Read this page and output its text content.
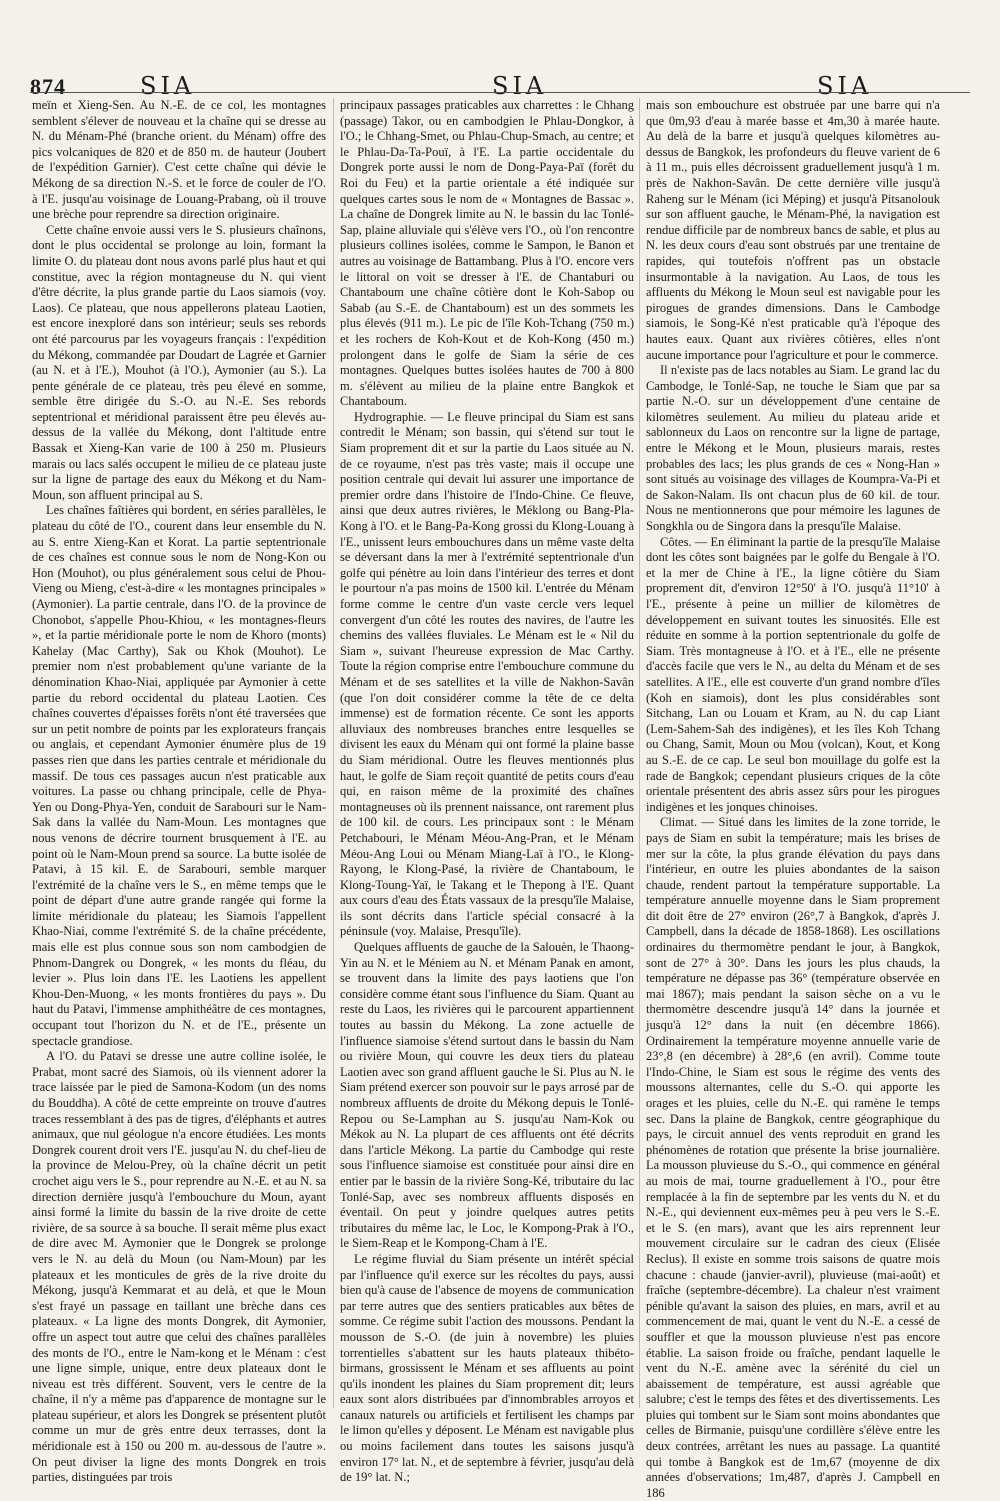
874	SIA	SIA	SIA

meïn et Xieng-Sen. Au N.-E. de ce col, les montagnes semblent s'élever de nouveau et la chaîne qui se dresse au N. du Ménam-Phé (branche orient. du Ménam) offre des pics volcaniques de 820 et de 850 m. de hauteur (Joubert de l'expédition Garnier). C'est cette chaîne qui dévie le Mékong de sa direction N.-S. et le force de couler de l'O. à l'E. jusqu'au voisinage de Louang-Prabang, où il trouve une brèche pour reprendre sa direction originaire.

Cette chaîne envoie aussi vers le S. plusieurs chaînons, dont le plus occidental se prolonge au loin, formant la limite O. du plateau dont nous avons parlé plus haut et qui constitue, avec la région montagneuse du N. qui vient d'être décrite, la plus grande partie du Laos siamois (voy. Laos). Ce plateau, que nous appellerons plateau Laotien, est encore inexploré dans son intérieur; seuls ses rebords ont été parcourus par les voyageurs français : l'expédition du Mékong, commandée par Doudart de Lagrée et Garnier (au N. et à l'E.), Mouhot (à l'O.), Aymonier (au S.). La pente générale de ce plateau, très peu élevé en somme, semble être dirigée du S.-O. au N.-E. Ses rebords septentrional et méridional paraissent être peu élevés au-dessus de la vallée du Mékong, dont l'altitude entre Bassak et Xieng-Kan varie de 100 à 250 m. Plusieurs marais ou lacs salés occupent le milieu de ce plateau juste sur la ligne de partage des eaux du Mékong et du Nam-Moun, son affluent principal au S.

Les chaînes faîtières qui bordent, en séries parallèles, le plateau du côté de l'O., courent dans leur ensemble du N. au S. entre Xieng-Kan et Korat. La partie septentrionale de ces chaînes est connue sous le nom de Nong-Kon ou Hon (Mouhot), ou plus généralement sous celui de Phou-Vieng ou Mieng, c'est-à-dire « les montagnes principales » (Aymonier). La partie centrale, dans l'O. de la province de Chonobot, s'appelle Phou-Khiou, « les montagnes-fleurs », et la partie méridionale porte le nom de Khoro (monts) Kahelay (Mac Carthy), Sak ou Khok (Mouhot). Le premier nom n'est probablement qu'une variante de la dénomination Khao-Niai, appliquée par Aymonier à cette partie du rebord occidental du plateau Laotien. Ces chaînes couvertes d'épaisses forêts n'ont été traversées que sur un petit nombre de points par les explorateurs français ou anglais, et cependant Aymonier énumère plus de 19 passes rien que dans les parties centrale et méridionale du massif. De tous ces passages aucun n'est praticable aux voitures. La passe ou chhang principale, celle de Phya-Yen ou Dong-Phya-Yen, conduit de Sarabouri sur le Nam-Sak dans la vallée du Nam-Moun. Les montagnes que nous venons de décrire tournent brusquement à l'E. au point où le Nam-Moun prend sa source. La butte isolée de Patavi, à 15 kil. E. de Sarabouri, semble marquer l'extrémité de la chaîne vers le S., en même temps que le point de départ d'une autre grande rangée qui forme la limite méridionale du plateau; les Siamois l'appellent Khao-Niai, comme l'extrémité S. de la chaîne précédente, mais elle est plus connue sous son nom cambodgien de Phnom-Dangrek ou Dongrek, « les monts du fléau, du levier ». Plus loin dans l'E. les Laotiens les appellent Khou-Den-Muong, « les monts frontières du pays ». Du haut du Patavi, l'immense amphithéâtre de ces montagnes, occupant tout l'horizon du N. et de l'E., présente un spectacle grandiose.

A l'O. du Patavi se dresse une autre colline isolée, le Prabat, mont sacré des Siamois, où ils viennent adorer la trace laissée par le pied de Samona-Kodom (un des noms du Bouddha). A côté de cette empreinte on trouve d'autres traces ressemblant à des pas de tigres, d'éléphants et autres animaux, que nul géologue n'a encore étudiées. Les monts Dongrek courent droit vers l'E. jusqu'au N. du chef-lieu de la province de Melou-Prey, où la chaîne décrit un petit crochet aigu vers le S., pour reprendre au N.-E. et au N. sa direction dernière jusqu'à l'embouchure du Moun, ayant ainsi formé la limite du bassin de la rive droite de cette rivière, de sa source à sa bouche. Il serait même plus exact de dire avec M. Aymonier que le Dongrek se prolonge vers le N. au delà du Moun (ou Nam-Moun) par les plateaux et les monticules de grès de la rive droite du Mékong, jusqu'à Kemmarat et au delà, et que le Moun s'est frayé un passage en taillant une brèche dans ces plateaux. « La ligne des monts Dongrek, dit Aymonier, offre un aspect tout autre que celui des chaînes parallèles des monts de l'O., entre le Nam-kong et le Ménam : c'est une ligne simple, unique, entre deux plateaux dont le niveau est très différent. Souvent, vers le centre de la chaîne, il n'y a même pas d'apparence de montagne sur le plateau supérieur, et alors les Dongrek se présentent plutôt comme un mur de grès entre deux terrasses, dont la méridionale est à 150 ou 200 m. au-dessous de l'autre ». On peut diviser la ligne des monts Dongrek en trois parties, distinguées par trois

principaux passages praticables aux charrettes : le Chhang (passage) Takor, ou en cambodgien le Phlau-Dongkor, à l'O.; le Chhang-Smet, ou Phlau-Chup-Smach, au centre; et le Phlau-Da-Ta-Pouï, à l'E. La partie occidentale du Dongrek porte aussi le nom de Dong-Paya-Paï (forêt du Roi du Feu) et la partie orientale a été indiquée sur quelques cartes sous le nom de « Montagnes de Bassac ». La chaîne de Dongrek limite au N. le bassin du lac Tonlé-Sap, plaine alluviale qui s'élève vers l'O., où l'on rencontre plusieurs collines isolées, comme le Sampon, le Banon et autres au voisinage de Battambang. Plus à l'O. encore vers le littoral on voit se dresser à l'E. de Chantaburi ou Chantaboum une chaîne côtière dont le Koh-Sabop ou Sabab (au S.-E. de Chantaboum) est un des sommets les plus élevés (911 m.). Le pic de l'île Koh-Tchang (750 m.) et les rochers de Koh-Kout et de Koh-Kong (450 m.) prolongent dans le golfe de Siam la série de ces montagnes. Quelques buttes isolées hautes de 700 à 800 m. s'élèvent au milieu de la plaine entre Bangkok et Chantaboum.

Hydrographie. — Le fleuve principal du Siam est sans contredit le Ménam; son bassin, qui s'étend sur tout le Siam proprement dit et sur la partie du Laos située au N. de ce royaume, n'est pas très vaste; mais il occupe une position centrale qui devait lui assurer une importance de premier ordre dans l'histoire de l'Indo-Chine. Ce fleuve, ainsi que deux autres rivières, le Méklong ou Bang-Pla-Kong à l'O. et le Bang-Pa-Kong grossi du Klong-Louang à l'E., unissent leurs embouchures dans un même vaste delta se déversant dans la mer à l'extrémité septentrionale d'un golfe qui pénètre au loin dans l'intérieur des terres et dont le pourtour n'a pas moins de 1500 kil. L'entrée du Ménam forme comme le centre d'un vaste cercle vers lequel convergent d'un côté les routes des navires, de l'autre les chemins des vallées fluviales. Le Ménam est le « Nil du Siam », suivant l'heureuse expression de Mac Carthy. Toute la région comprise entre l'embouchure commune du Ménam et de ses satellites et la ville de Nakhon-Savân (que l'on doit considérer comme la tête de ce delta immense) est de formation récente. Ce sont les apports alluviaux des nombreuses branches entre lesquelles se divisent les eaux du Ménam qui ont formé la plaine basse du Siam méridional. Outre les fleuves mentionnés plus haut, le golfe de Siam reçoit quantité de petits cours d'eau qui, en raison même de la proximité des chaînes montagneuses où ils prennent naissance, ont rarement plus de 100 kil. de cours. Les principaux sont : le Ménam Petchabouri, le Ménam Méou-Ang-Pran, et le Ménam Méou-Ang Loui ou Ménam Miang-Laï à l'O., le Klong-Rayong, le Klong-Pasé, la rivière de Chantaboum, le Klong-Toung-Yaï, le Takang et le Thepong à l'E. Quant aux cours d'eau des États vassaux de la presqu'île Malaise, ils sont décrits dans l'article spécial consacré à la péninsule (voy. Malaise, Presqu'île).

Quelques affluents de gauche de la Salouèn, le Thaong-Yin au N. et le Méniem au N. et Ménam Panak en amont, se trouvent dans la limite des pays laotiens que l'on considère comme étant sous l'influence du Siam. Quant au reste du Laos, les rivières qui le parcourent appartiennent toutes au bassin du Mékong. La zone actuelle de l'influence siamoise s'étend surtout dans le bassin du Nam ou rivière Moun, qui couvre les deux tiers du plateau Laotien avec son grand affluent gauche le Si. Plus au N. le Siam prétend exercer son pouvoir sur le pays arrosé par de nombreux affluents de droite du Mékong depuis le Tonlé-Repou ou Se-Lamphan au S. jusqu'au Nam-Kok ou Mékok au N. La plupart de ces affluents ont été décrits dans l'article Mékong. La partie du Cambodge qui reste sous l'influence siamoise est constituée pour ainsi dire en entier par le bassin de la rivière Song-Ké, tributaire du lac Tonlé-Sap, avec ses nombreux affluents disposés en éventail. On peut y joindre quelques autres petits tributaires du même lac, le Loc, le Kompong-Prak à l'O., le Siem-Reap et le Kompong-Cham à l'E.

Le régime fluvial du Siam présente un intérêt spécial par l'influence qu'il exerce sur les récoltes du pays, aussi bien qu'à cause de l'absence de moyens de communication par terre autres que des sentiers praticables aux bêtes de somme. Ce régime subit l'action des moussons. Pendant la mousson de S.-O. (de juin à novembre) les pluies torrentielles s'abattent sur les hauts plateaux thibéto-birmans, grossissent le Ménam et ses affluents au point qu'ils inondent les plaines du Siam proprement dit; leurs eaux sont alors distribuées par d'innombrables arroyos et canaux naturels ou artificiels et fertilisent les champs par le limon qu'elles y déposent. Le Ménam est navigable plus ou moins facilement dans toutes les saisons jusqu'à environ 17° lat. N., et de septembre à février, jusqu'au delà de 19° lat. N.;

mais son embouchure est obstruée par une barre qui n'a que 0m,93 d'eau à marée basse et 4m,30 à marée haute. Au delà de la barre et jusqu'à quelques kilomètres au-dessus de Bangkok, les profondeurs du fleuve varient de 6 à 11 m., puis elles décroissent graduellement jusqu'à 1 m. près de Nakhon-Savân. De cette dernière ville jusqu'à Raheng sur le Ménam (ici Méping) et jusqu'à Pitsanolouk sur son affluent gauche, le Ménam-Phé, la navigation est rendue difficile par de nombreux bancs de sable, et plus au N. les deux cours d'eau sont obstrués par une trentaine de rapides, qui toutefois n'offrent pas un obstacle insurmontable à la navigation. Au Laos, de tous les affluents du Mékong le Moun seul est navigable pour les pirogues de grandes dimensions. Dans le Cambodge siamois, le Song-Ké n'est praticable qu'à l'époque des hautes eaux. Quant aux rivières côtières, elles n'ont aucune importance pour l'agriculture et pour le commerce.

Il n'existe pas de lacs notables au Siam. Le grand lac du Cambodge, le Tonlé-Sap, ne touche le Siam que par sa partie N.-O. sur un développement d'une centaine de kilomètres seulement. Au milieu du plateau aride et sablonneux du Laos on rencontre sur la ligne de partage, entre le Mékong et le Moun, plusieurs marais, restes probables des lacs; les plus grands de ces « Nong-Han » sont situés au voisinage des villages de Koumpra-Va-Pi et de Sakon-Nalam. Ils ont chacun plus de 60 kil. de tour. Nous ne mentionnerons que pour mémoire les lagunes de Songkhla ou de Singora dans la presqu'île Malaise.

Côtes. — En éliminant la partie de la presqu'île Malaise dont les côtes sont baignées par le golfe du Bengale à l'O. et la mer de Chine à l'E., la ligne côtière du Siam proprement dit, d'environ 12°50' à l'O. jusqu'à 11°10' à l'E., présente à peine un millier de kilomètres de développement en suivant toutes les sinuosités. Elle est réduite en somme à la portion septentrionale du golfe de Siam. Très montagneuse à l'O. et à l'E., elle ne présente d'accès facile que vers le N., au delta du Ménam et de ses satellites. A l'E., elle est couverte d'un grand nombre d'îles (Koh en siamois), dont les plus considérables sont Sitchang, Lan ou Louam et Kram, au N. du cap Liant (Lem-Sahem-Sah des indigènes), et les îles Koh Tchang ou Chang, Samit, Moun ou Mou (volcan), Kout, et Kong au S.-E. de ce cap. Le seul bon mouillage du golfe est la rade de Bangkok; cependant plusieurs criques de la côte orientale présentent des abris assez sûrs pour les pirogues indigènes et les jonques chinoises.

Climat. — Situé dans les limites de la zone torride, le pays de Siam en subit la température; mais les brises de mer sur la côte, la plus grande élévation du pays dans l'intérieur, en outre les pluies abondantes de la saison chaude, rendent partout la température supportable. La température annuelle moyenne dans le Siam proprement dit doit être de 27° environ (26°,7 à Bangkok, d'après J. Campbell, dans la décade de 1858-1868). Les oscillations ordinaires du thermomètre pendant le jour, à Bangkok, sont de 27° à 30°. Dans les jours les plus chauds, la température ne dépasse pas 36° (température observée en mai 1867); mais pendant la saison sèche on a vu le thermomètre descendre jusqu'à 14° dans la journée et jusqu'à 12° dans la nuit (en décembre 1866). Ordinairement la température moyenne annuelle varie de 23°,8 (en décembre) à 28°,6 (en avril). Comme toute l'Indo-Chine, le Siam est sous le régime des vents des moussons alternantes, celle du S.-O. qui apporte les orages et les pluies, celle du N.-E. qui ramène le temps sec. Dans la plaine de Bangkok, centre géographique du pays, le circuit annuel des vents reproduit en grand les phénomènes de rotation que présente la brise journalière. La mousson pluvieuse du S.-O., qui commence en général au mois de mai, tourne graduellement à l'O., pour être remplacée à la fin de septembre par les vents du N. et du N.-E., qui deviennent eux-mêmes peu à peu vers le S.-E. et le S. (en mars), avant que les airs reprennent leur mouvement circulaire sur le cadran des cieux (Elisée Reclus). Il existe en somme trois saisons de quatre mois chacune : chaude (janvier-avril), pluvieuse (mai-août) et fraîche (septembre-décembre). La chaleur n'est vraiment pénible qu'avant la saison des pluies, en mars, avril et au commencement de mai, quant le vent du N.-E. a cessé de souffler et que la mousson pluvieuse n'est pas encore établie. La saison froide ou fraîche, pendant laquelle le vent du N.-E. amène avec la sérénité du ciel un abaissement de température, est aussi agréable que salubre; c'est le temps des fêtes et des divertissements. Les pluies qui tombent sur le Siam sont moins abondantes que celles de Birmanie, puisqu'une cordillère s'élève entre les deux contrées, arrêtant les nues au passage. La quantité qui tombe à Bangkok est de 1m,67 (moyenne de dix années d'observations; 1m,487, d'après J. Campbell en 186
